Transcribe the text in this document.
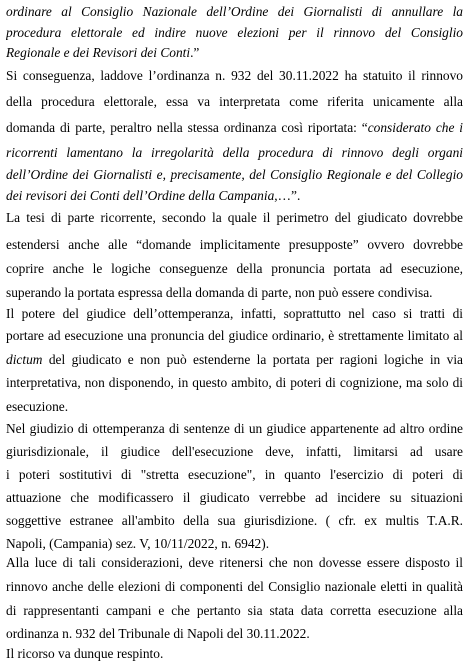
ordinare al Consiglio Nazionale dell’Ordine dei Giornalisti di annullare la
procedura elettorale ed indire nuove elezioni per il rinnovo del Consiglio
Regionale e dei Revisori dei Conti.”
Si conseguenza, laddove l’ordinanza n. 932 del 30.11.2022 ha statuito il rinnovo
della procedura elettorale, essa va interpretata come riferita unicamente alla
domanda di parte, peraltro nella stessa ordinanza così riportata: “considerato che i
ricorrenti lamentano la irregolarità della procedura di rinnovo degli organi
dell’Ordine dei Giornalisti e, precisamente, del Consiglio Regionale e del Collegio
dei revisori dei Conti dell’Ordine della Campania,…”.
La tesi di parte ricorrente, secondo la quale il perimetro del giudicato dovrebbe
estendersi anche alle “domande implicitamente presupposte” ovvero dovrebbe
coprire anche le logiche conseguenze della pronuncia portata ad esecuzione,
superando la portata espressa della domanda di parte, non può essere condivisa.
Il potere del giudice dell’ottemperanza, infatti, soprattutto nel caso si tratti di
portare ad esecuzione una pronuncia del giudice ordinario, è strettamente limitato al
dictum del giudicato e non può estenderne la portata per ragioni logiche in via
interpretativa, non disponendo, in questo ambito, di poteri di cognizione, ma solo di
esecuzione.
Nel giudizio di ottemperanza di sentenze di un giudice appartenente ad altro ordine
giurisdizionale, il giudice dell'esecuzione deve, infatti, limitarsi ad usare
i poteri sostitutivi di "stretta esecuzione", in quanto l'esercizio di poteri di
attuazione che modificassero il giudicato verrebbe ad incidere su situazioni
soggettive estranee all'ambito della sua giurisdizione. ( cfr. ex multis T.A.R.
Napoli, (Campania) sez. V, 10/11/2022, n. 6942).
Alla luce di tali considerazioni, deve ritenersi che non dovesse essere disposto il
rinnovo anche delle elezioni di componenti del Consiglio nazionale eletti in qualità
di rappresentanti campani e che pertanto sia stata data corretta esecuzione alla
ordinanza n. 932 del Tribunale di Napoli del 30.11.2022.
Il ricorso va dunque respinto.
